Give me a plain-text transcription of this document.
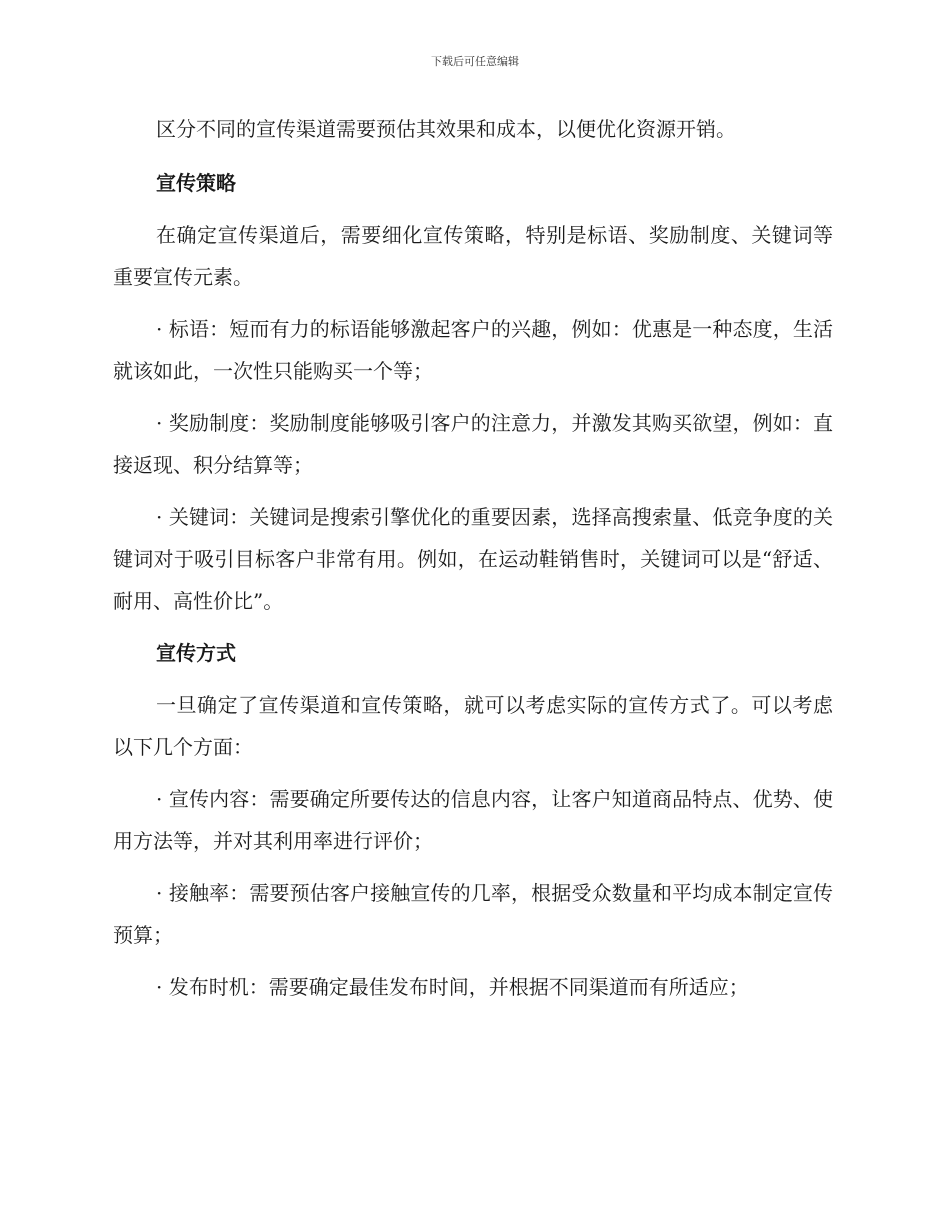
下载后可任意编辑

区分不同的宣传渠道需要预估其效果和成本，以便优化资源开销。

宣传策略

在确定宣传渠道后，需要细化宣传策略，特别是标语、奖励制度、关键词等重要宣传元素。

· 标语：短而有力的标语能够激起客户的兴趣，例如：优惠是一种态度，生活就该如此，一次性只能购买一个等；

· 奖励制度：奖励制度能够吸引客户的注意力，并激发其购买欲望，例如：直接返现、积分结算等；

· 关键词：关键词是搜索引擎优化的重要因素，选择高搜索量、低竞争度的关键词对于吸引目标客户非常有用。例如，在运动鞋销售时，关键词可以是“舒适、耐用、高性价比”。

宣传方式

一旦确定了宣传渠道和宣传策略，就可以考虑实际的宣传方式了。可以考虑以下几个方面：

· 宣传内容：需要确定所要传达的信息内容，让客户知道商品特点、优势、使用方法等，并对其利用率进行评价；

· 接触率：需要预估客户接触宣传的几率，根据受众数量和平均成本制定宣传预算；

· 发布时机：需要确定最佳发布时间，并根据不同渠道而有所适应；
